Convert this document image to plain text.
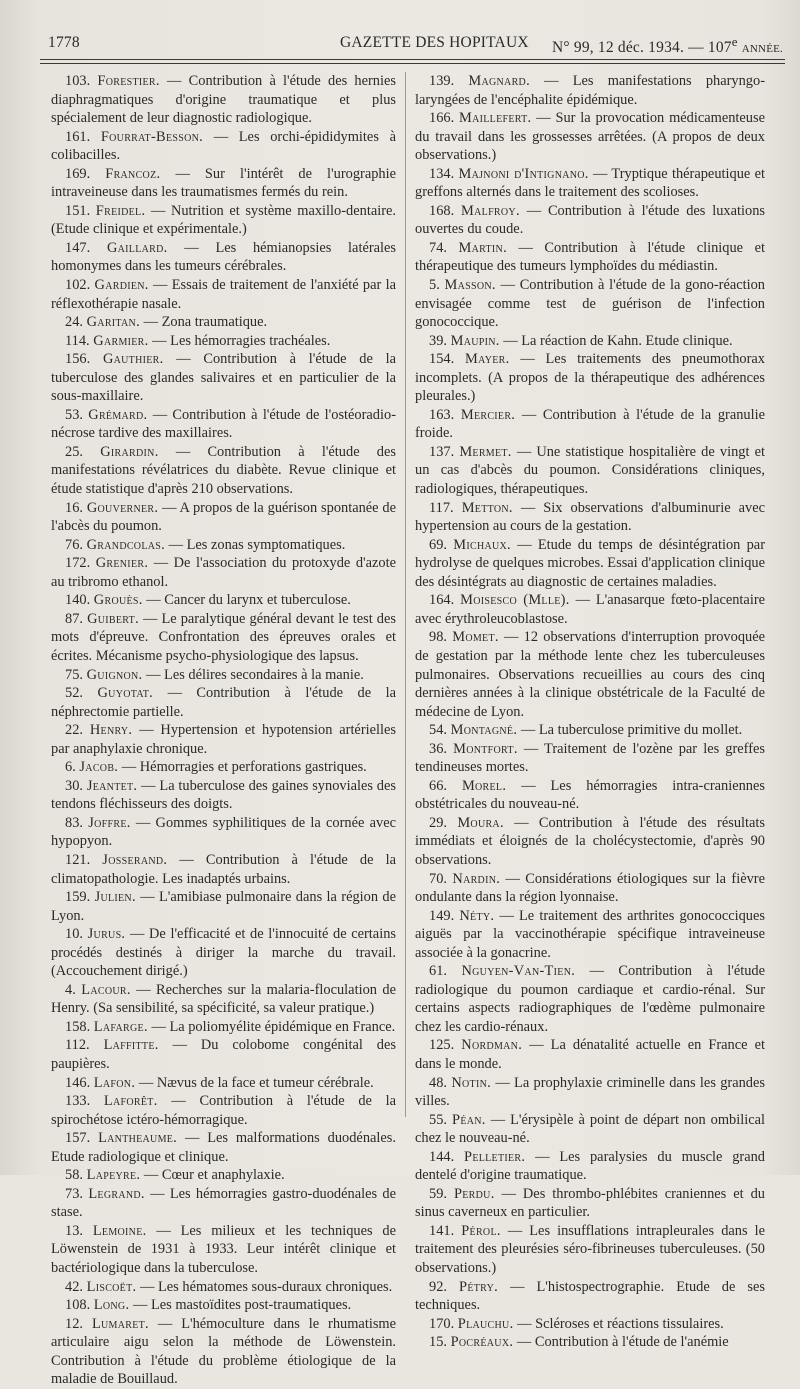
1778	GAZETTE DES HOPITAUX N° 99, 12 déc. 1934. — 107e ANNÉE.

103. Forestier. — Contribution à l'étude des hernies diaphragmatiques d'origine traumatique et plus spécialement de leur diagnostic radiologique.

161. Fourrat-Besson. — Les orchi-épididymites à colibacilles.

169. Francoz. — Sur l'intérêt de l'urographie intraveineuse dans les traumatismes fermés du rein.

151. Freidel. — Nutrition et système maxillo-dentaire. (Etude clinique et expérimentale.)

147. Gaillard. — Les hémianopsies latérales homonymes dans les tumeurs cérébrales.

102. Gardien. — Essais de traitement de l'anxiété par la réflexothérapie nasale.

24. Garitan. — Zona traumatique.

114. Garmier. — Les hémorragies trachéales.

156. Gauthier. — Contribution à l'étude de la tuberculose des glandes salivaires et en particulier de la sous-maxillaire.

53. Grémard. — Contribution à l'étude de l'ostéoradio-nécrose tardive des maxillaires.

25. Girardin. — Contribution à l'étude des manifestations révélatrices du diabète. Revue clinique et étude statistique d'après 210 observations.

16. Gouverner. — A propos de la guérison spontanée de l'abcès du poumon.

76. Grandcolas. — Les zonas symptomatiques.

172. Grenier. — De l'association du protoxyde d'azote au tribromo ethanol.

140. Grouès. — Cancer du larynx et tuberculose.

87. Guibert. — Le paralytique général devant le test des mots d'épreuve. Confrontation des épreuves orales et écrites. Mécanisme psycho-physiologique des lapsus.

75. Guignon. — Les délires secondaires à la manie.

52. Guyotat. — Contribution à l'étude de la néphrectomie partielle.

22. Henry. — Hypertension et hypotension artérielles par anaphylaxie chronique.

6. Jacob. — Hémorragies et perforations gastriques.

30. Jeantet. — La tuberculose des gaines synoviales des tendons fléchisseurs des doigts.

83. Joffre. — Gommes syphilitiques de la cornée avec hypopyon.

121. Josserand. — Contribution à l'étude de la climatopathologie. Les inadaptés urbains.

159. Julien. — L'amibiase pulmonaire dans la région de Lyon.

10. Jurus. — De l'efficacité et de l'innocuité de certains procédés destinés à diriger la marche du travail. (Accouchement dirigé.)

4. Lacour. — Recherches sur la malaria-floculation de Henry. (Sa sensibilité, sa spécificité, sa valeur pratique.)

158. Lafarge. — La poliomyélite épidémique en France.

112. Laffitte. — Du colobome congénital des paupières.

146. Lafon. — Nævus de la face et tumeur cérébrale.

133. Laforêt. — Contribution à l'étude de la spirochétose ictéro-hémorragique.

157. Lantheaume. — Les malformations duodénales. Etude radiologique et clinique.

58. Lapeyre. — Cœur et anaphylaxie.

73. Legrand. — Les hémorragies gastro-duodénales de stase.

13. Lemoine. — Les milieux et les techniques de Löwenstein de 1931 à 1933. Leur intérêt clinique et bactériologique dans la tuberculose.

42. Liscoët. — Les hématomes sous-duraux chroniques.

108. Long. — Les mastoïdites post-traumatiques.

12. Lumaret. — L'hémoculture dans le rhumatisme articulaire aigu selon la méthode de Löwenstein. Contribution à l'étude du problème étiologique de la maladie de Bouillaud.

139. Magnard. — Les manifestations pharyngo-laryngées de l'encéphalite épidémique.

166. Maillefert. — Sur la provocation médicamenteuse du travail dans les grossesses arrêtées. (A propos de deux observations.)

134. Majnoni d'Intignano. — Tryptique thérapeutique et greffons alternés dans le traitement des scolioses.

168. Malfroy. — Contribution à l'étude des luxations ouvertes du coude.

74. Martin. — Contribution à l'étude clinique et thérapeutique des tumeurs lymphoïdes du médiastin.

5. Masson. — Contribution à l'étude de la gono-réaction envisagée comme test de guérison de l'infection gonococcique.

39. Maupin. — La réaction de Kahn. Etude clinique.

154. Mayer. — Les traitements des pneumothorax incomplets. (A propos de la thérapeutique des adhérences pleurales.)

163. Mercier. — Contribution à l'étude de la granulie froide.

137. Mermet. — Une statistique hospitalière de vingt et un cas d'abcès du poumon. Considérations cliniques, radiologiques, thérapeutiques.

117. Metton. — Six observations d'albuminurie avec hypertension au cours de la gestation.

69. Michaux. — Etude du temps de désintégration par hydrolyse de quelques microbes. Essai d'application clinique des désintégrats au diagnostic de certaines maladies.

164. Moisesco (Mlle). — L'anasarque fœto-placentaire avec érythroleucoblastose.

98. Momet. — 12 observations d'interruption provoquée de gestation par la méthode lente chez les tuberculeuses pulmonaires. Observations recueillies au cours des cinq dernières années à la clinique obstétricale de la Faculté de médecine de Lyon.

54. Montagné. — La tuberculose primitive du mollet.

36. Montfort. — Traitement de l'ozène par les greffes tendineuses mortes.

66. Morel. — Les hémorragies intra-craniennes obstétricales du nouveau-né.

29. Moura. — Contribution à l'étude des résultats immédiats et éloignés de la cholécystectomie, d'après 90 observations.

70. Nardin. — Considérations étiologiques sur la fièvre ondulante dans la région lyonnaise.

149. Néty. — Le traitement des arthrites gonococciques aiguës par la vaccinothérapie spécifique intraveineuse associée à la gonacrine.

61. Nguyen-Van-Tien. — Contribution à l'étude radiologique du poumon cardiaque et cardio-rénal. Sur certains aspects radiographiques de l'œdème pulmonaire chez les cardio-rénaux.

125. Nordman. — La dénatalité actuelle en France et dans le monde.

48. Notin. — La prophylaxie criminelle dans les grandes villes.

55. Péan. — L'érysipèle à point de départ non ombilical chez le nouveau-né.

144. Pelletier. — Les paralysies du muscle grand dentelé d'origine traumatique.

59. Perdu. — Des thrombo-phlébites craniennes et du sinus caverneux en particulier.

141. Pérol. — Les insufflations intrapleurales dans le traitement des pleurésies séro-fibrineuses tuberculeuses. (50 observations.)

92. Pétry. — L'histospectrographie. Etude de ses techniques.

170. Plauchu. — Scléroses et réactions tissulaires.

15. Pocréaux. — Contribution à l'étude de l'anémie
